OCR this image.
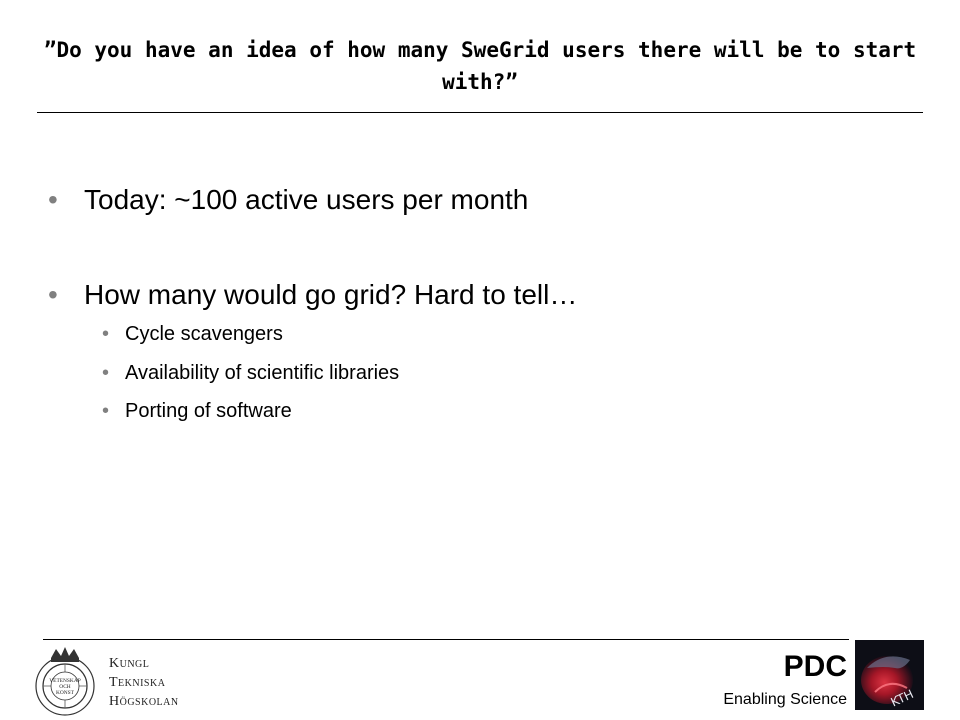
”Do you have an idea of how many SweGrid users there will be to start with?”
• Today: ~100 active users per month
• How many would go grid? Hard to tell…
• Cycle scavengers
• Availability of scientific libraries
• Porting of software
VETENSKAP
OCH
KONST
Kungl
Tekniska
Högskolan
PDC
Enabling Science	KTH
